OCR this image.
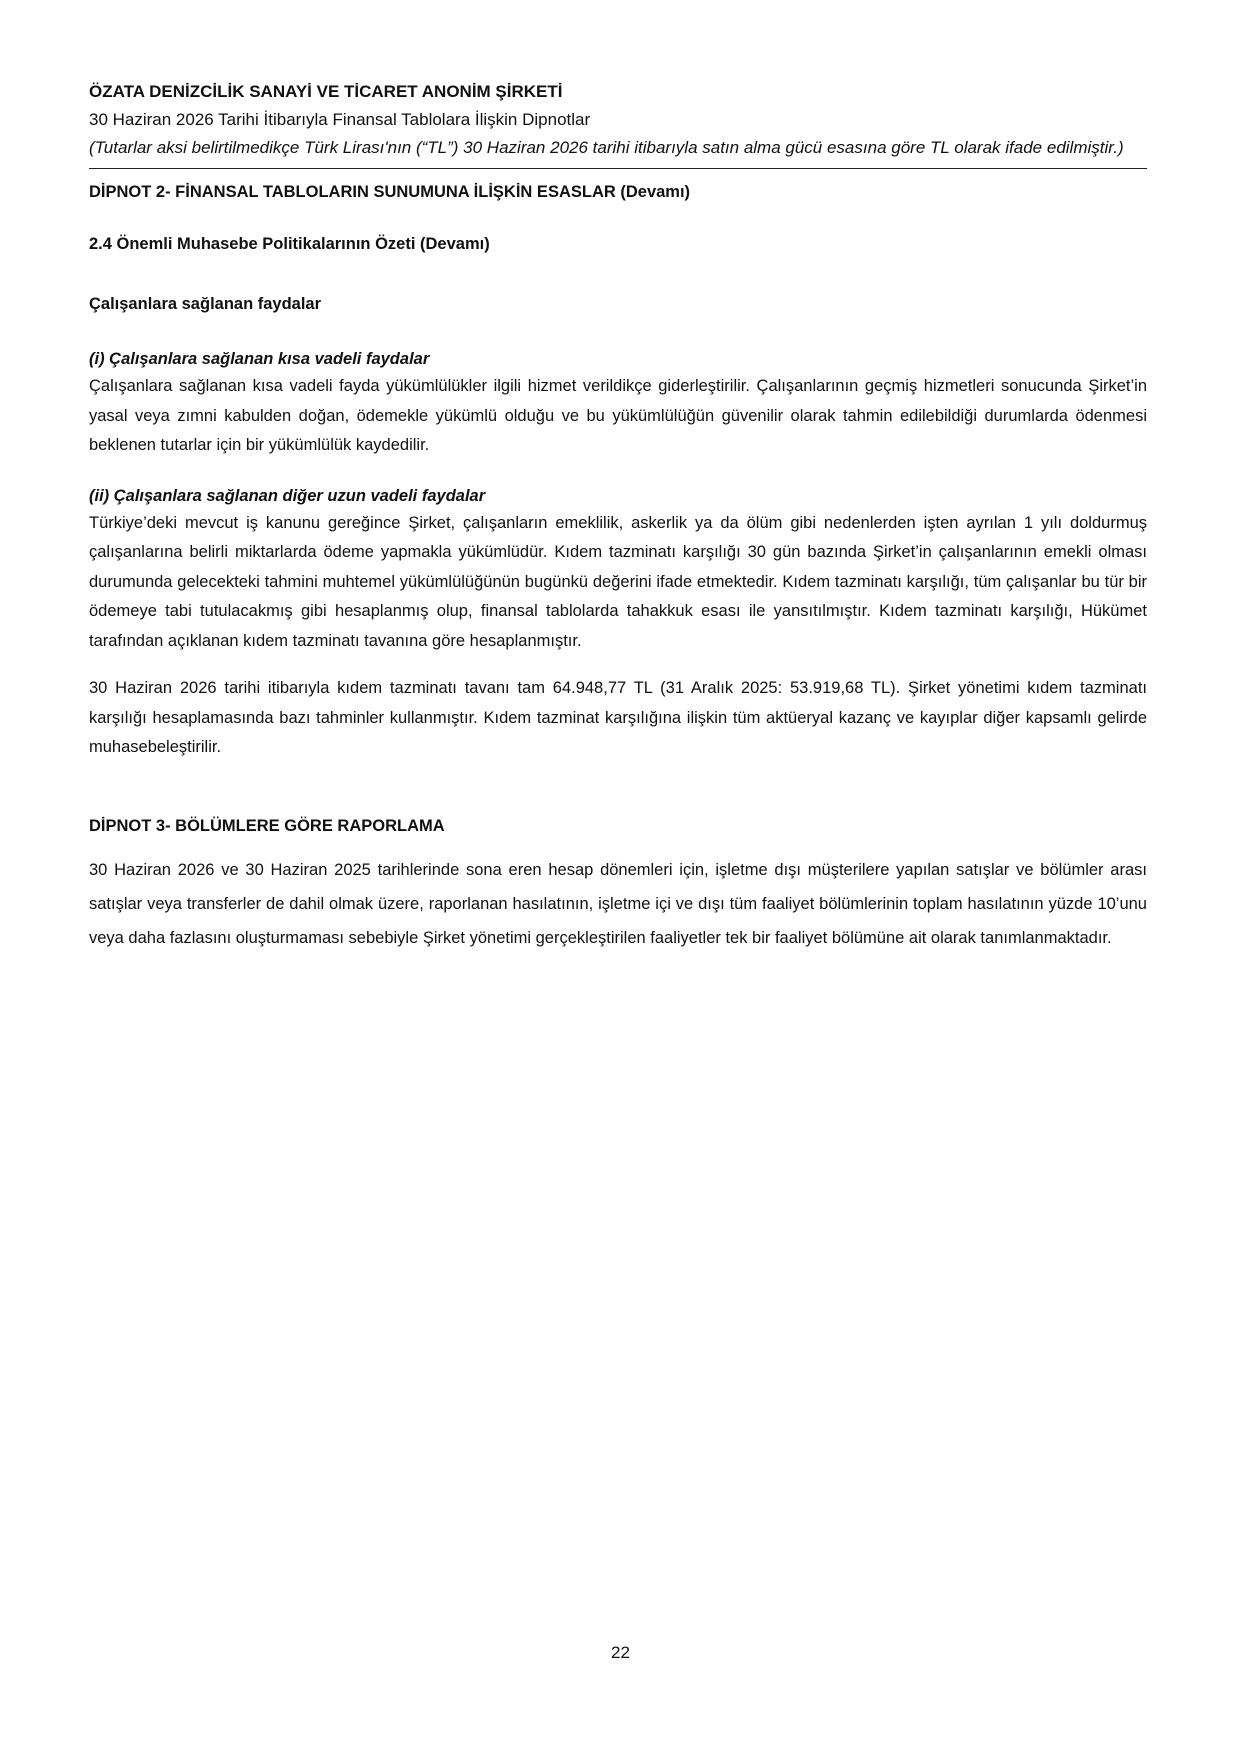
ÖZATA DENİZCİLİK SANAYİ VE TİCARET ANONİM ŞİRKETİ

30 Haziran 2026 Tarihi İtibarıyla Finansal Tablolara İlişkin Dipnotlar

(Tutarlar aksi belirtilmedikçe Türk Lirası'nın (“TL”) 30 Haziran 2026 tarihi itibarıyla satın alma gücü esasına göre TL olarak ifade edilmiştir.)

DİPNOT 2- FİNANSAL TABLOLARIN SUNUMUNA İLİŞKİN ESASLAR (Devamı)

2.4 Önemli Muhasebe Politikalarının Özeti (Devamı)

Çalışanlara sağlanan faydalar

(i) Çalışanlara sağlanan kısa vadeli faydalar

Çalışanlara sağlanan kısa vadeli fayda yükümlülükler ilgili hizmet verildikçe giderleştirilir. Çalışanlarının geçmiş hizmetleri sonucunda Şirket’in yasal veya zımni kabulden doğan, ödemekle yükümlü olduğu ve bu yükümlülüğün güvenilir olarak tahmin edilebildiği durumlarda ödenmesi beklenen tutarlar için bir yükümlülük kaydedilir.

(ii) Çalışanlara sağlanan diğer uzun vadeli faydalar

Türkiye’deki mevcut iş kanunu gereğince Şirket, çalışanların emeklilik, askerlik ya da ölüm gibi nedenlerden işten ayrılan 1 yılı doldurmuş çalışanlarına belirli miktarlarda ödeme yapmakla yükümlüdür. Kıdem tazminatı karşılığı 30 gün bazında Şirket’in çalışanlarının emekli olması durumunda gelecekteki tahmini muhtemel yükümlülüğünün bugünkü değerini ifade etmektedir. Kıdem tazminatı karşılığı, tüm çalışanlar bu tür bir ödemeye tabi tutulacakmış gibi hesaplanmış olup, finansal tablolarda tahakkuk esası ile yansıtılmıştır. Kıdem tazminatı karşılığı, Hükümet tarafından açıklanan kıdem tazminatı tavanına göre hesaplanmıştır.

30 Haziran 2026 tarihi itibarıyla kıdem tazminatı tavanı tam 64.948,77 TL (31 Aralık 2025: 53.919,68 TL). Şirket yönetimi kıdem tazminatı karşılığı hesaplamasında bazı tahminler kullanmıştır. Kıdem tazminat karşılığına ilişkin tüm aktüeryal kazanç ve kayıplar diğer kapsamlı gelirde muhasebeleştirilir.

DİPNOT 3- BÖLÜMLERE GÖRE RAPORLAMA

30 Haziran 2026 ve 30 Haziran 2025 tarihlerinde sona eren hesap dönemleri için, işletme dışı müşterilere yapılan satışlar ve bölümler arası satışlar veya transferler de dahil olmak üzere, raporlanan hasılatının, işletme içi ve dışı tüm faaliyet bölümlerinin toplam hasılatının yüzde 10’unu veya daha fazlasını oluşturmaması sebebiyle Şirket yönetimi gerçekleştirilen faaliyetler tek bir faaliyet bölümüne ait olarak tanımlanmaktadır.

22
